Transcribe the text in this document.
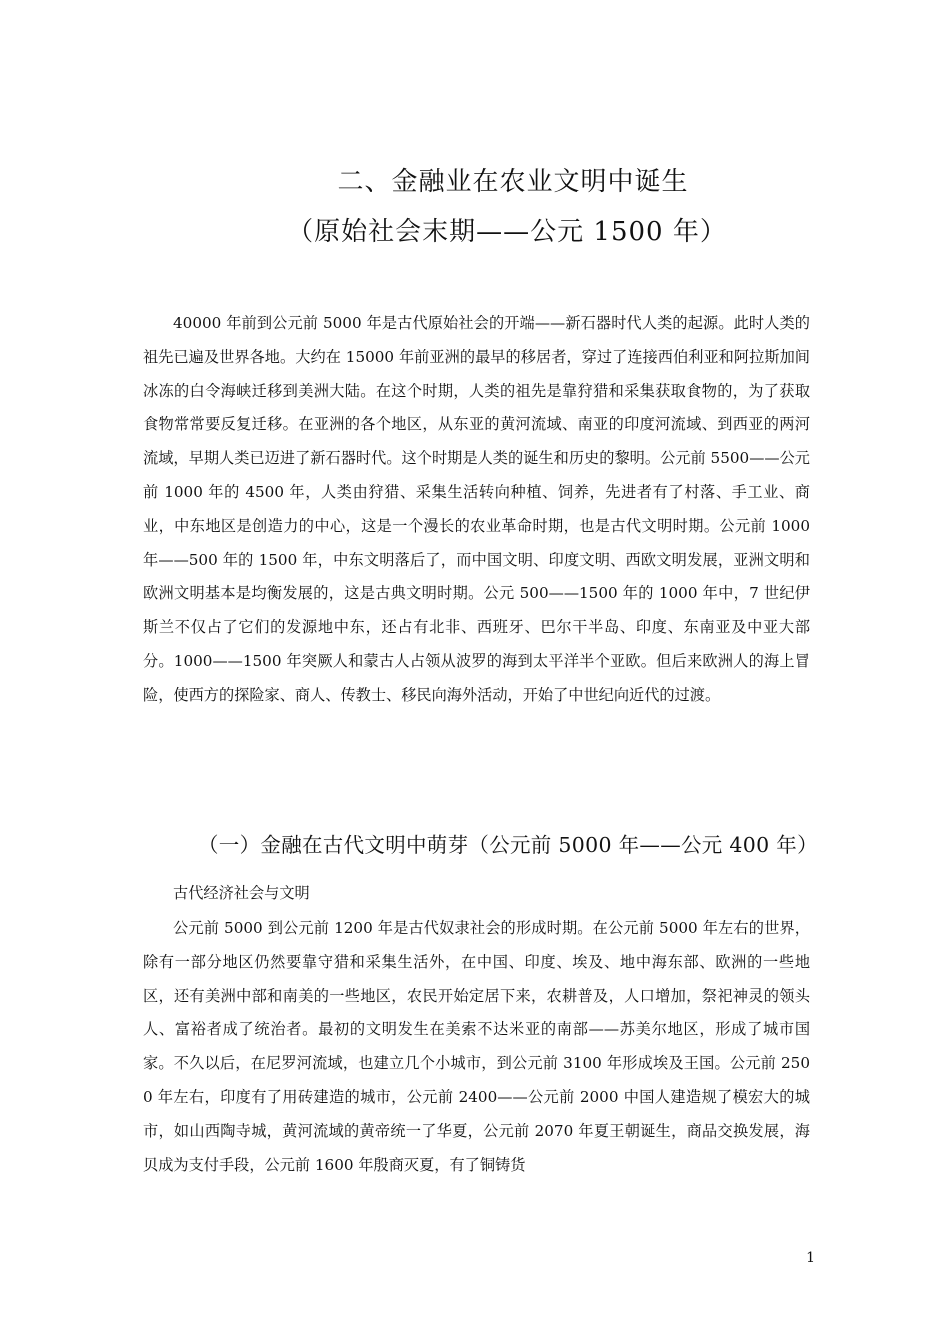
二、金融业在农业文明中诞生
（原始社会末期——公元 1500 年）

40000 年前到公元前 5000 年是古代原始社会的开端——新石器时代人类的起源。此时人类的祖先已遍及世界各地。大约在 15000 年前亚洲的最早的移居者，穿过了连接西伯利亚和阿拉斯加间冰冻的白令海峡迁移到美洲大陆。在这个时期，人类的祖先是靠狩猎和采集获取食物的，为了获取食物常常要反复迁移。在亚洲的各个地区，从东亚的黄河流域、南亚的印度河流域、到西亚的两河流域，早期人类已迈进了新石器时代。这个时期是人类的诞生和历史的黎明。公元前 5500——公元前 1000 年的 4500 年，人类由狩猎、采集生活转向种植、饲养，先进者有了村落、手工业、商业，中东地区是创造力的中心，这是一个漫长的农业革命时期，也是古代文明时期。公元前 1000 年——500 年的 1500 年，中东文明落后了，而中国文明、印度文明、西欧文明发展，亚洲文明和欧洲文明基本是均衡发展的，这是古典文明时期。公元 500——1500 年的 1000 年中，7 世纪伊斯兰不仅占了它们的发源地中东，还占有北非、西班牙、巴尔干半岛、印度、东南亚及中亚大部分。1000——1500 年突厥人和蒙古人占领从波罗的海到太平洋半个亚欧。但后来欧洲人的海上冒险，使西方的探险家、商人、传教士、移民向海外活动，开始了中世纪向近代的过渡。

（一）金融在古代文明中萌芽（公元前 5000 年——公元 400 年）
古代经济社会与文明

公元前 5000 到公元前 1200 年是古代奴隶社会的形成时期。在公元前 5000 年左右的世界，除有一部分地区仍然要靠守猎和采集生活外，在中国、印度、埃及、地中海东部、欧洲的一些地区，还有美洲中部和南美的一些地区，农民开始定居下来，农耕普及，人口增加，祭祀神灵的领头人、富裕者成了统治者。最初的文明发生在美索不达米亚的南部——苏美尔地区，形成了城市国家。不久以后，在尼罗河流域，也建立几个小城市，到公元前 3100 年形成埃及王国。公元前 2500 年左右，印度有了用砖建造的城市，公元前 2400——公元前 2000 中国人建造规了模宏大的城市，如山西陶寺城，黄河流域的黄帝统一了华夏，公元前 2070 年夏王朝诞生，商品交换发展，海贝成为支付手段，公元前 1600 年殷商灭夏，有了铜铸货

1
